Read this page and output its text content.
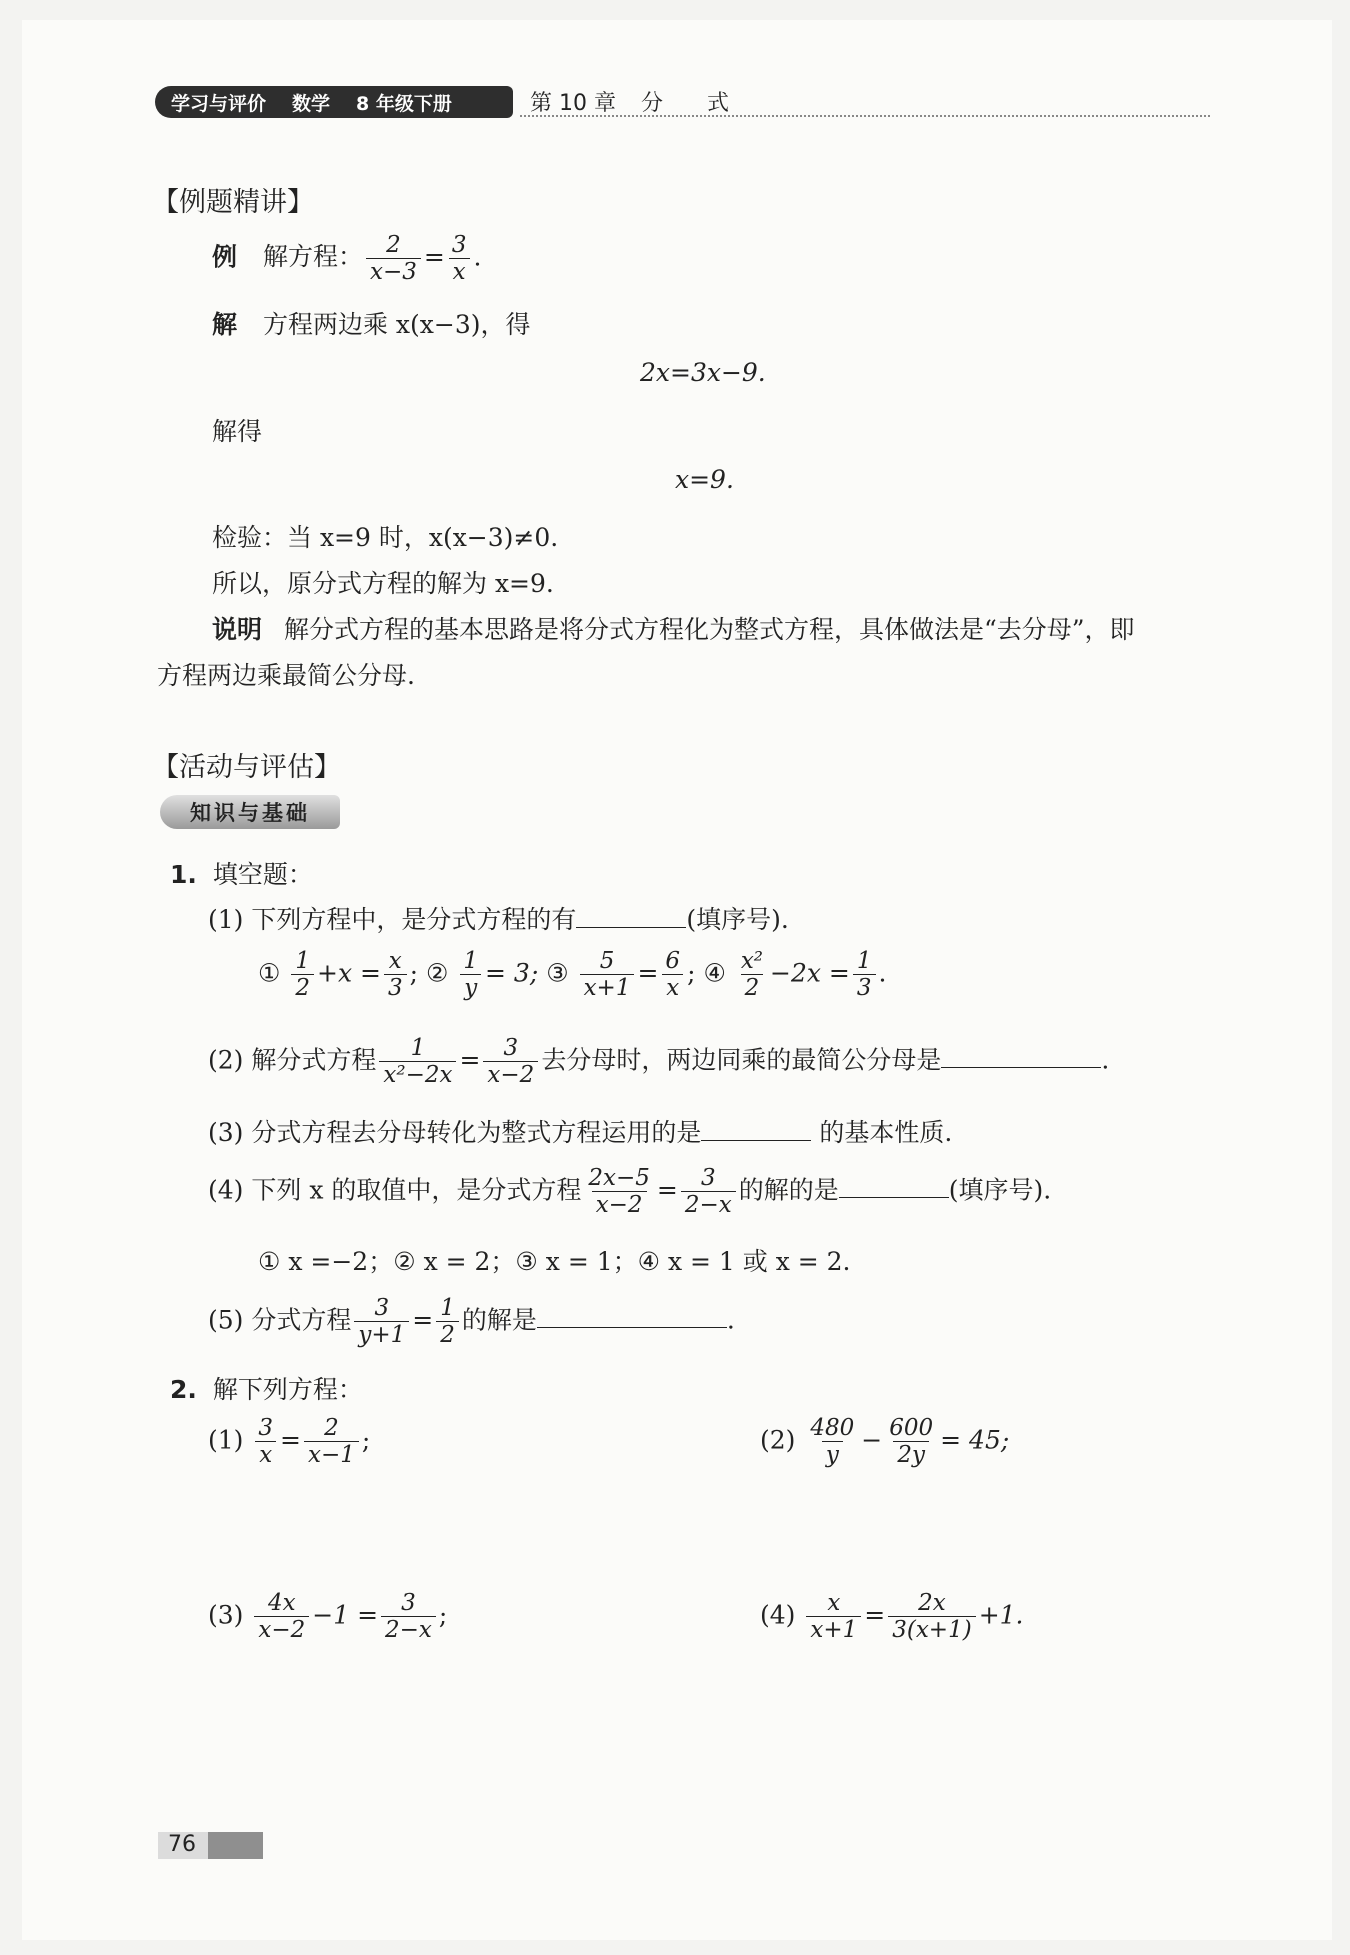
学习与评价 数学 8 年级下册	第 10 章 分　　式
【例题精讲】
例 解方程： $\frac{2}{x-3} = \frac{3}{x}$ .
解 方程两边乘 x(x−3)，得
2x=3x−9.
解得
x=9.
检验：当 x=9 时，x(x−3)≠0.
所以，原分式方程的解为 x=9.
说明 解分式方程的基本思路是将分式方程化为整式方程，具体做法是“去分母”，即
方程两边乘最简公分母.
【活动与评估】
知识与基础
1. 填空题：
(1) 下列方程中，是分式方程的有	(填序号).
① $\frac{1}{2} +x = \frac{x}{3}$ ; ② $\frac{1}{y} = 3$; ③ $\frac{5}{x+1} = \frac{6}{x}$ ; ④ $\frac{\text{x²}}{2} -2x = \frac{1}{3}$ .
(2) 解分式方程 $\frac{1}{\text{x²−2x}} = \frac{3}{x-2}$ 去分母时，两边同乘的最简公分母是	.
(3) 分式方程去分母转化为整式方程运用的是	的基本性质.
(4) 下列 x 的取值中，是分式方程 $\frac{2x-5}{x-2} = \frac{3}{2-x}$ 的解的是	(填序号).
① x =−2；② x = 2；③ x = 1；④ x = 1 或 x = 2.
(5) 分式方程 $\frac{3}{y+1} = \frac{1}{2}$ 的解是	.
2. 解下列方程：
$(1) \frac{3}{x} = \frac{2}{x-1}$ ;	$(2) \frac{480}{y} - \frac{600}{2y} = 45$;
$(3) \frac{4x}{x-2} -1 = \frac{3}{2-x}$ ;	$(4) \frac{x}{x+1} = \frac{2x}{3(x+1)} +1$.
76
